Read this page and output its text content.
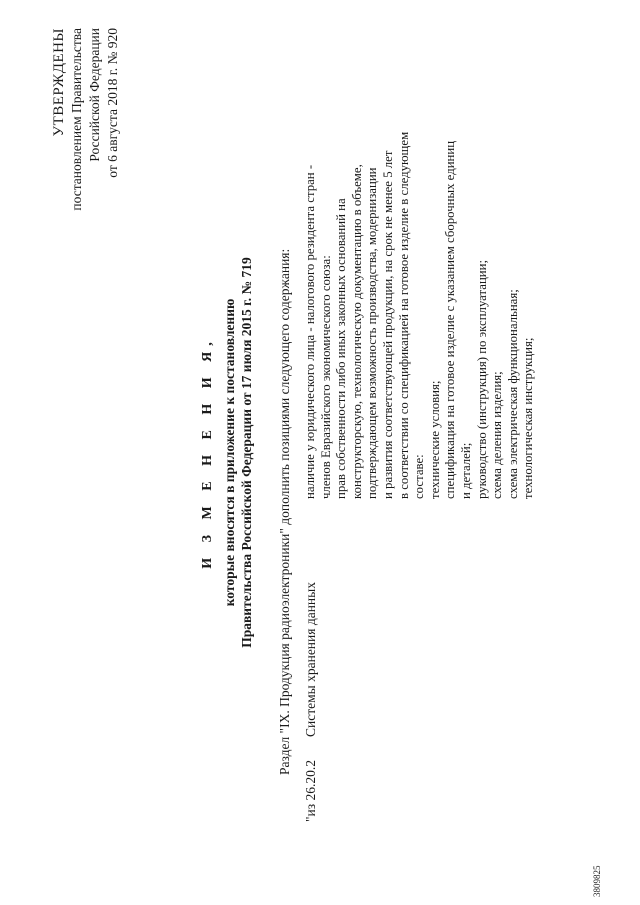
УТВЕРЖДЕНЫ постановлением Правительства Российской Федерации от 6 августа 2018 г. № 920
И З М Е Н Е Н И Я, которые вносятся в приложение к постановлению Правительства Российской Федерации от 17 июля 2015 г. № 719 Раздел "IX. Продукция радиоэлектроники" дополнить позициями следующего содержания:
"из 26.20.2
Системы хранения данных
наличие у юридического лица - налогового резидента стран - членов Евразийского экономического союза: прав собственности либо иных законных оснований на конструкторскую, технологическую документацию в объеме, подтверждающем возможность производства, модернизации и развития соответствующей продукции, на срок не менее 5 лет в соответствии со спецификацией на готовое изделие в следующем составе: технические условия; спецификация на готовое изделие с указанием сборочных единиц и деталей; руководство (инструкция) по эксплуатации; схема деления изделия; схема электрическая функциональная; технологическая инструкция;
3809825
